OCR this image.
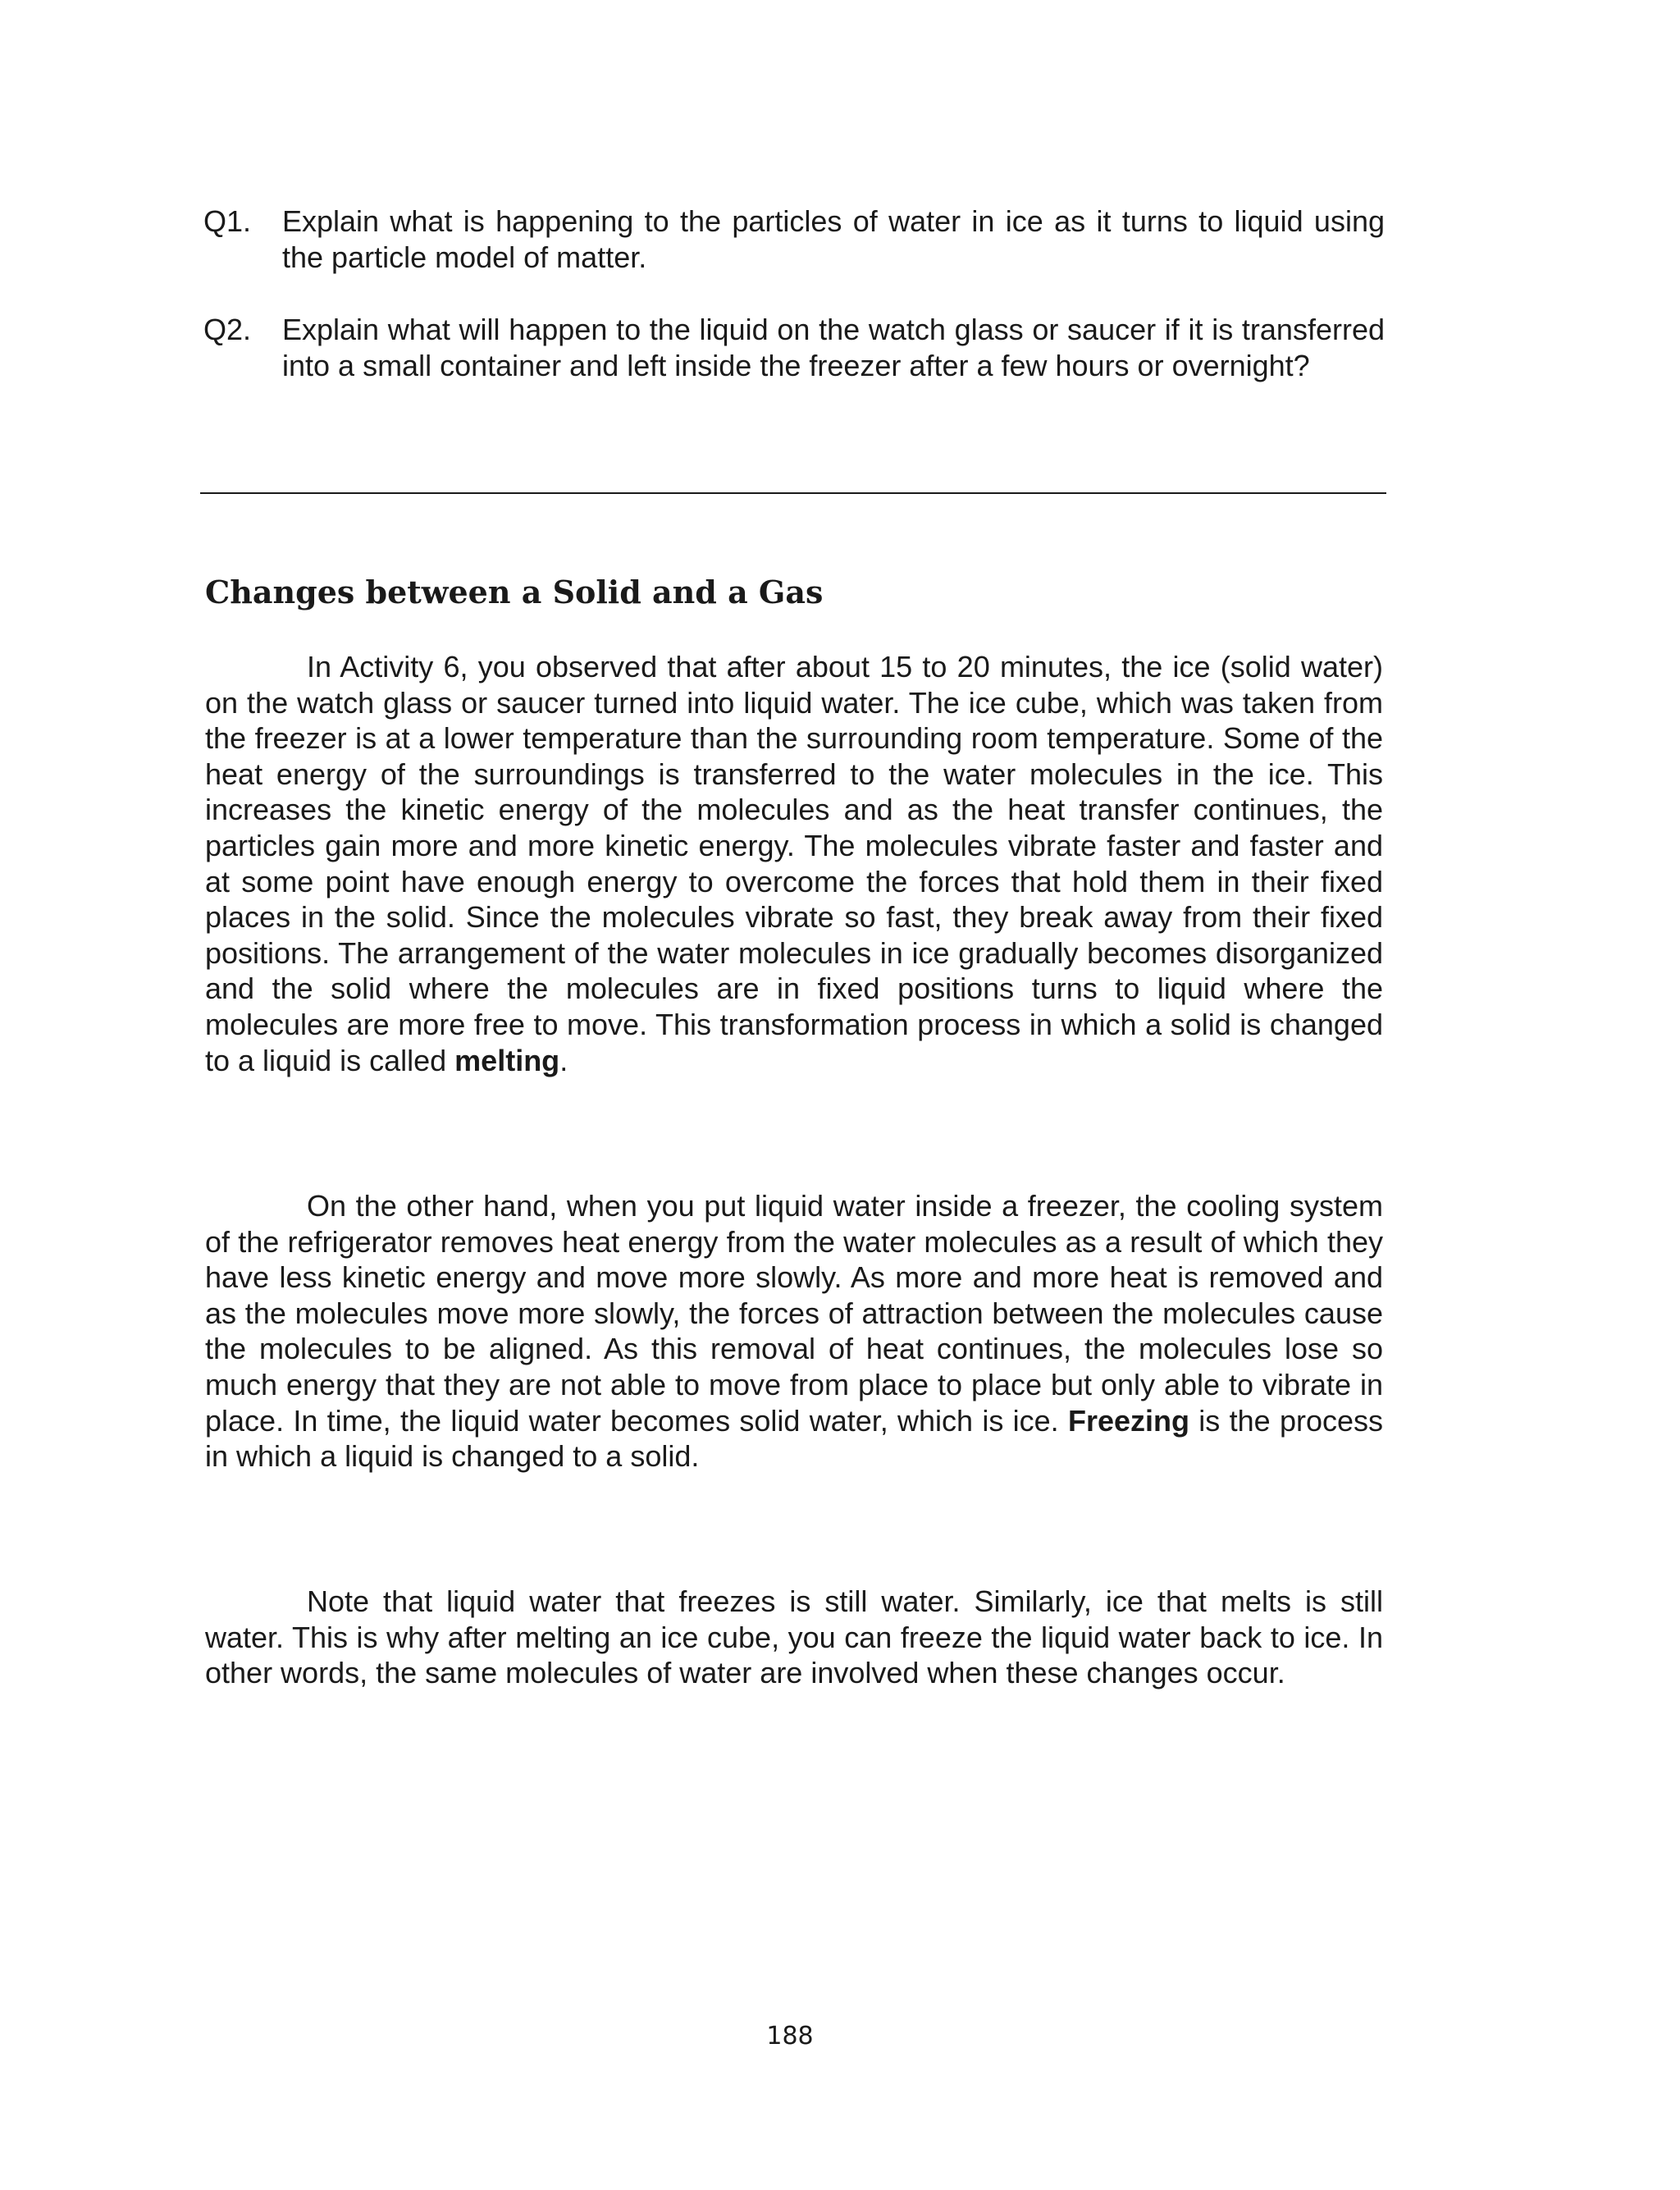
Q1. Explain what is happening to the particles of water in ice as it turns to liquid using the particle model of matter.
Q2. Explain what will happen to the liquid on the watch glass or saucer if it is transferred into a small container and left inside the freezer after a few hours or overnight?
Changes between a Solid and a Gas

In Activity 6, you observed that after about 15 to 20 minutes, the ice (solid water) on the watch glass or saucer turned into liquid water. The ice cube, which was taken from the freezer is at a lower temperature than the surrounding room temperature. Some of the heat energy of the surroundings is transferred to the water molecules in the ice. This increases the kinetic energy of the molecules and as the heat transfer continues, the particles gain more and more kinetic energy. The molecules vibrate faster and faster and at some point have enough energy to overcome the forces that hold them in their fixed places in the solid. Since the molecules vibrate so fast, they break away from their fixed positions. The arrangement of the water molecules in ice gradually becomes disorganized and the solid where the molecules are in fixed positions turns to liquid where the molecules are more free to move. This transformation process in which a solid is changed to a liquid is called melting.

On the other hand, when you put liquid water inside a freezer, the cooling system of the refrigerator removes heat energy from the water molecules as a result of which they have less kinetic energy and move more slowly. As more and more heat is removed and as the molecules move more slowly, the forces of attraction between the molecules cause the molecules to be aligned. As this removal of heat continues, the molecules lose so much energy that they are not able to move from place to place but only able to vibrate in place. In time, the liquid water becomes solid water, which is ice. Freezing is the process in which a liquid is changed to a solid.

Note that liquid water that freezes is still water. Similarly, ice that melts is still water. This is why after melting an ice cube, you can freeze the liquid water back to ice. In other words, the same molecules of water are involved when these changes occur.

188
